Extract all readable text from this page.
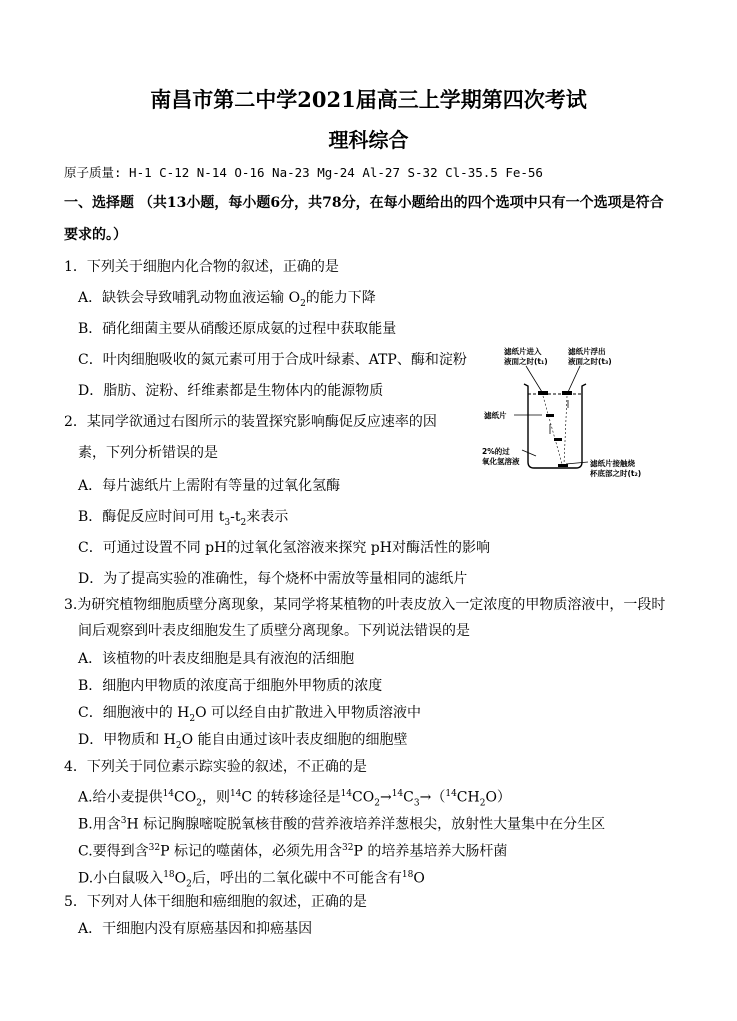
南昌市第二中学2021届高三上学期第四次考试
理科综合
原子质量: H-1 C-12 N-14 O-16 Na-23 Mg-24 Al-27 S-32 Cl-35.5 Fe-56
一、选择题 （共13小题，每小题6分，共78分，在每小题给出的四个选项中只有一个选项是符合
要求的。）
1．下列关于细胞内化合物的叙述，正确的是
A．缺铁会导致哺乳动物血液运输 $O_2$的能力下降
B．硝化细菌主要从硝酸还原成氨的过程中获取能量
C．叶肉细胞吸收的氮元素可用于合成叶绿素、ATP、酶和淀粉
D．脂肪、淀粉、纤维素都是生物体内的能源物质
2．某同学欲通过右图所示的装置探究影响酶促反应速率的因
素，下列分析错误的是
A．每片滤纸片上需附有等量的过氧化氢酶
B．酶促反应时间可用 $t_3-t_2$来表示
C．可通过设置不同 pH的过氧化氢溶液来探究 pH对酶活性的影响
D．为了提高实验的准确性，每个烧杯中需放等量相同的滤纸片
滤纸片进入
液面之时(t₁)
滤纸片浮出
液面之时(t₃)
滤纸片
2%的过
氧化氢溶液	滤纸片接触烧
杯底部之时(t₂)
3.为研究植物细胞质壁分离现象，某同学将某植物的叶表皮放入一定浓度的甲物质溶液中，一段时
间后观察到叶表皮细胞发生了质壁分离现象。下列说法错误的是
A．该植物的叶表皮细胞是具有液泡的活细胞
B．细胞内甲物质的浓度高于细胞外甲物质的浓度
C．细胞液中的 $H_2O$ 可以经自由扩散进入甲物质溶液中
D．甲物质和 $H_2O$ 能自由通过该叶表皮细胞的细胞壁
4．下列关于同位素示踪实验的叙述，不正确的是
A.给小麦提供$^{14}CO_2$，则$^{14}$C 的转移途径是$^{14}CO_2\to^{14}C_3\to(^{14}CH_2O)$
B.用含$^3$H 标记胸腺嘧啶脱氧核苷酸的营养液培养洋葱根尖，放射性大量集中在分生区
C.要得到含$^{32}$P 标记的噬菌体，必须先用含$^{32}$P 的培养基培养大肠杆菌
D.小白鼠吸入$^{18}O_2$后，呼出的二氧化碳中不可能含有$^{18}$O
5．下列对人体干细胞和癌细胞的叙述，正确的是
A．干细胞内没有原癌基因和抑癌基因
